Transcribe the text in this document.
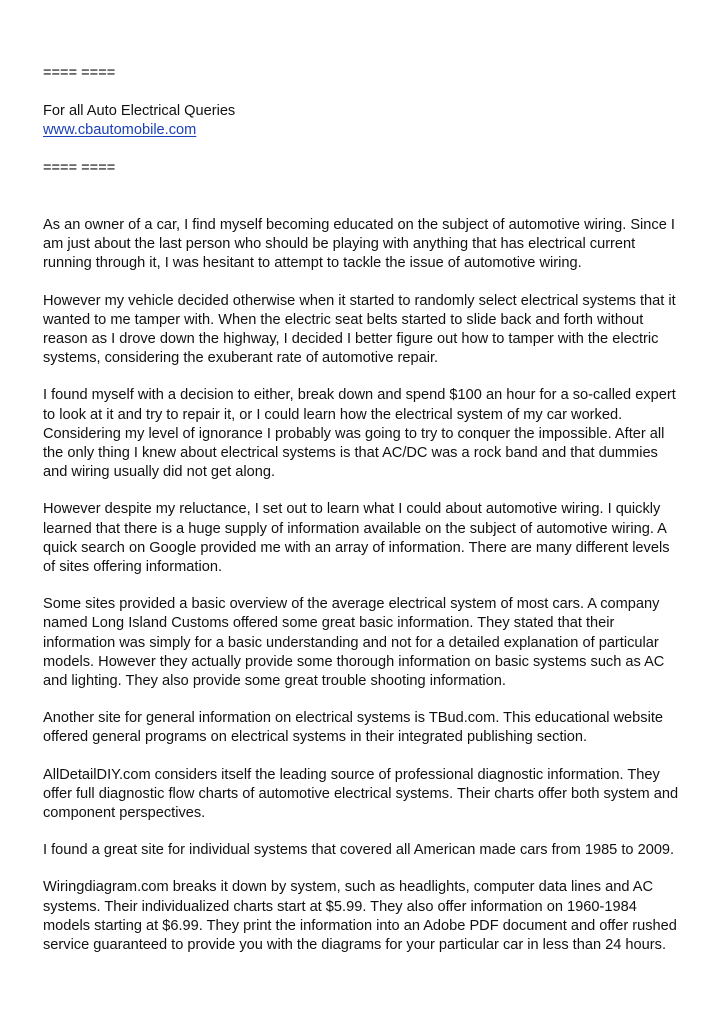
==== ====

For all Auto Electrical Queries

www.cbautomobile.com

==== ====

As an owner of a car, I find myself becoming educated on the subject of automotive wiring. Since I

am just about the last person who should be playing with anything that has electrical current

running through it, I was hesitant to attempt to tackle the issue of automotive wiring.

However my vehicle decided otherwise when it started to randomly select electrical systems that it

wanted to me tamper with. When the electric seat belts started to slide back and forth without

reason as I drove down the highway, I decided I better figure out how to tamper with the electric

systems, considering the exuberant rate of automotive repair.

I found myself with a decision to either, break down and spend $100 an hour for a so-called expert

to look at it and try to repair it, or I could learn how the electrical system of my car worked.

Considering my level of ignorance I probably was going to try to conquer the impossible. After all

the only thing I knew about electrical systems is that AC/DC was a rock band and that dummies

and wiring usually did not get along.

However despite my reluctance, I set out to learn what I could about automotive wiring. I quickly

learned that there is a huge supply of information available on the subject of automotive wiring. A

quick search on Google provided me with an array of information. There are many different levels

of sites offering information.

Some sites provided a basic overview of the average electrical system of most cars. A company

named Long Island Customs offered some great basic information. They stated that their

information was simply for a basic understanding and not for a detailed explanation of particular

models. However they actually provide some thorough information on basic systems such as AC

and lighting. They also provide some great trouble shooting information.

Another site for general information on electrical systems is TBud.com. This educational website

offered general programs on electrical systems in their integrated publishing section.

AllDetailDIY.com considers itself the leading source of professional diagnostic information. They

offer full diagnostic flow charts of automotive electrical systems. Their charts offer both system and

component perspectives.

I found a great site for individual systems that covered all American made cars from 1985 to 2009.

Wiringdiagram.com breaks it down by system, such as headlights, computer data lines and AC

systems. Their individualized charts start at $5.99. They also offer information on 1960-1984

models starting at $6.99. They print the information into an Adobe PDF document and offer rushed

service guaranteed to provide you with the diagrams for your particular car in less than 24 hours.
